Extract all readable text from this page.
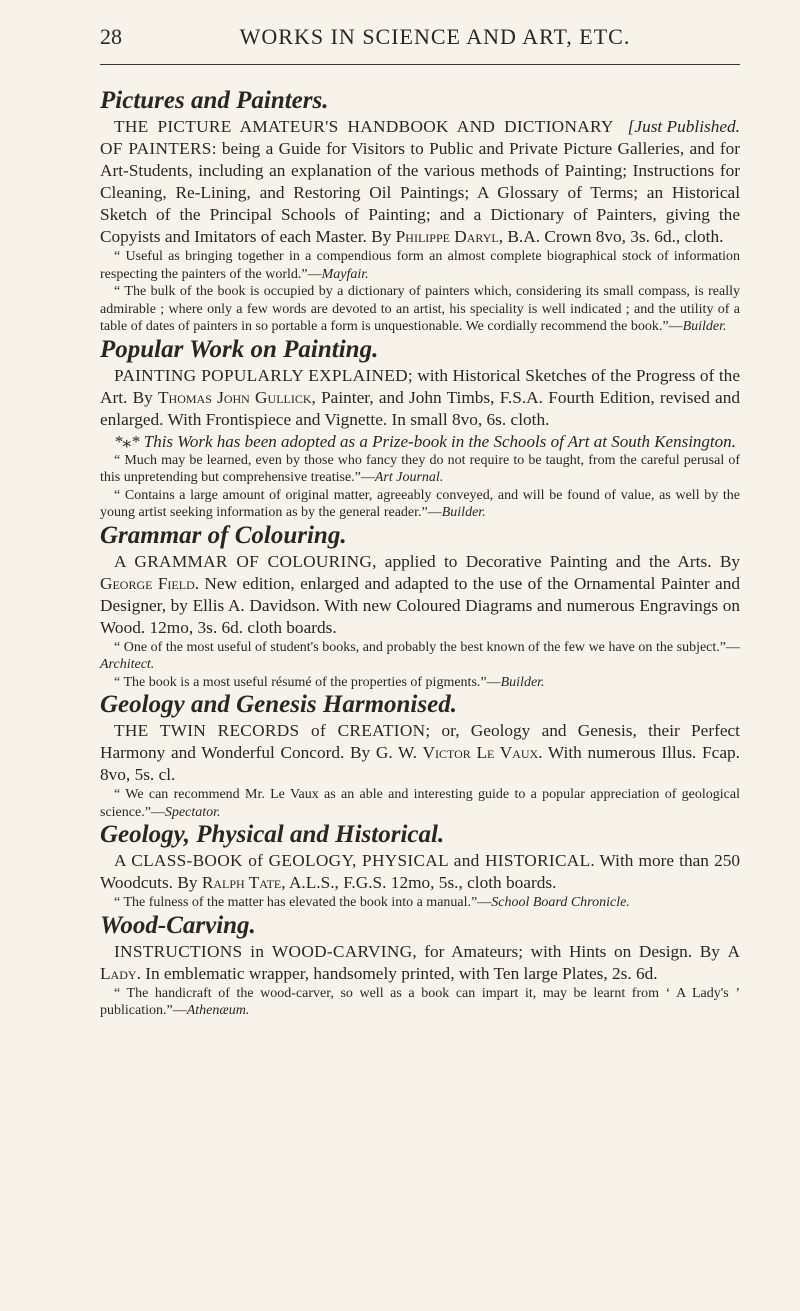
28	WORKS IN SCIENCE AND ART, ETC.
Pictures and Painters.

[Just Published.
THE PICTURE AMATEUR'S HANDBOOK AND DICTIONARY OF PAINTERS: being a Guide for Visitors to Public and Private Picture Galleries, and for Art-Students, including an explanation of the various methods of Painting; Instructions for Cleaning, Re-Lining, and Restoring Oil Paintings; A Glossary of Terms; an Historical Sketch of the Principal Schools of Painting; and a Dictionary of Painters, giving the Copyists and Imitators of each Master. By Philippe Daryl, B.A. Crown 8vo, 3s. 6d., cloth.

“ Useful as bringing together in a compendious form an almost complete biographical stock of information respecting the painters of the world.”—Mayfair.

“ The bulk of the book is occupied by a dictionary of painters which, considering its small compass, is really admirable ; where only a few words are devoted to an artist, his speciality is well indicated ; and the utility of a table of dates of painters in so portable a form is unquestionable. We cordially recommend the book.”—Builder.

Popular Work on Painting.

PAINTING POPULARLY EXPLAINED; with Historical Sketches of the Progress of the Art. By Thomas John Gullick, Painter, and John Timbs, F.S.A. Fourth Edition, revised and enlarged. With Frontispiece and Vignette. In small 8vo, 6s. cloth.

*⁎* This Work has been adopted as a Prize-book in the Schools of Art at South Kensington.

“ Much may be learned, even by those who fancy they do not require to be taught, from the careful perusal of this unpretending but comprehensive treatise.”—Art Journal.

“ Contains a large amount of original matter, agreeably conveyed, and will be found of value, as well by the young artist seeking information as by the general reader.”—Builder.

Grammar of Colouring.

A GRAMMAR OF COLOURING, applied to Decorative Painting and the Arts. By George Field. New edition, enlarged and adapted to the use of the Ornamental Painter and Designer, by Ellis A. Davidson. With new Coloured Diagrams and numerous Engravings on Wood. 12mo, 3s. 6d. cloth boards.

“ One of the most useful of student's books, and probably the best known of the few we have on the subject.”—Architect.

“ The book is a most useful résumé of the properties of pigments.”—Builder.

Geology and Genesis Harmonised.

THE TWIN RECORDS of CREATION; or, Geology and Genesis, their Perfect Harmony and Wonderful Concord. By G. W. Victor Le Vaux. With numerous Illus. Fcap. 8vo, 5s. cl.

“ We can recommend Mr. Le Vaux as an able and interesting guide to a popular appreciation of geological science.”—Spectator.

Geology, Physical and Historical.

A CLASS-BOOK of GEOLOGY, PHYSICAL and HISTORICAL. With more than 250 Woodcuts. By Ralph Tate, A.L.S., F.G.S. 12mo, 5s., cloth boards.

“ The fulness of the matter has elevated the book into a manual.”—School Board Chronicle.

Wood-Carving.

INSTRUCTIONS in WOOD-CARVING, for Amateurs; with Hints on Design. By A Lady. In emblematic wrapper, handsomely printed, with Ten large Plates, 2s. 6d.

“ The handicraft of the wood-carver, so well as a book can impart it, may be learnt from ‘ A Lady's ’ publication.”—Athenæum.
